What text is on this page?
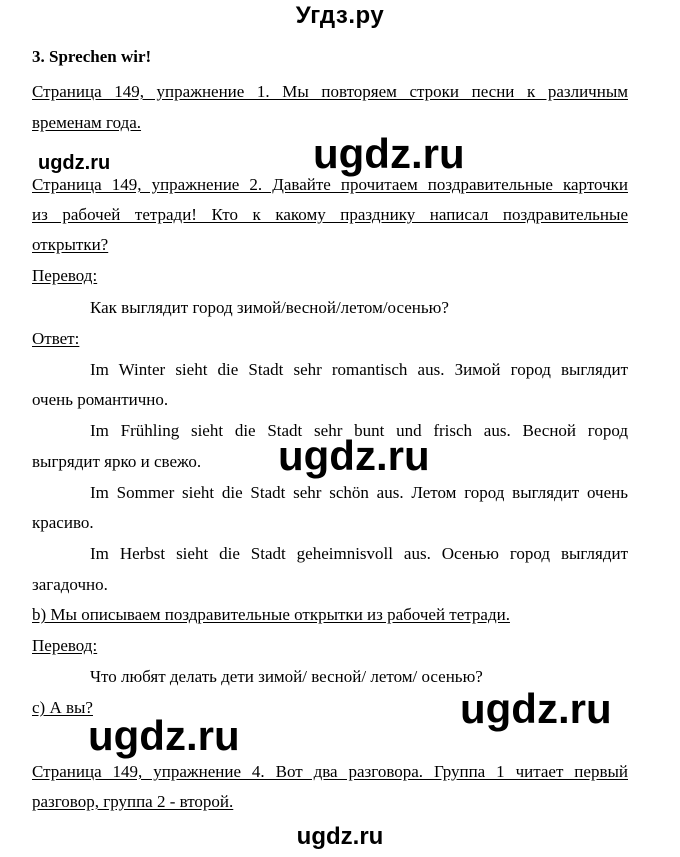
Угдз.ру
3. Sprechen wir!
Страница 149, упражнение 1. Мы повторяем строки песни к различным
временам года.
ugdz.ru	ugdz.ru
Страница 149, упражнение 2. Давайте прочитаем поздравительные карточки
из рабочей тетради! Кто к какому празднику написал поздравительные
открытки?
Перевод:
Как выглядит город зимой/весной/летом/осенью?
Ответ:
Im Winter sieht die Stadt sehr romantisch aus. Зимой город выглядит
очень романтично.
Im Frühling sieht die Stadt sehr bunt und frisch aus. Весной город
выгрядит ярко и свежо.	ugdz.ru
Im Sommer sieht die Stadt sehr schön aus. Летом город выглядит очень
красиво.
Im Herbst sieht die Stadt geheimnisvoll aus. Осенью город выглядит
загадочно.
b) Мы описываем поздравительные открытки из рабочей тетради.
Перевод:
Что любят делать дети зимой/ весной/ летом/ осенью?
c) А вы?	ugdz.ru
ugdz.ru
Страница 149, упражнение 4. Вот два разговора. Группа 1 читает первый
разговор, группа 2 - второй.
ugdz.ru
